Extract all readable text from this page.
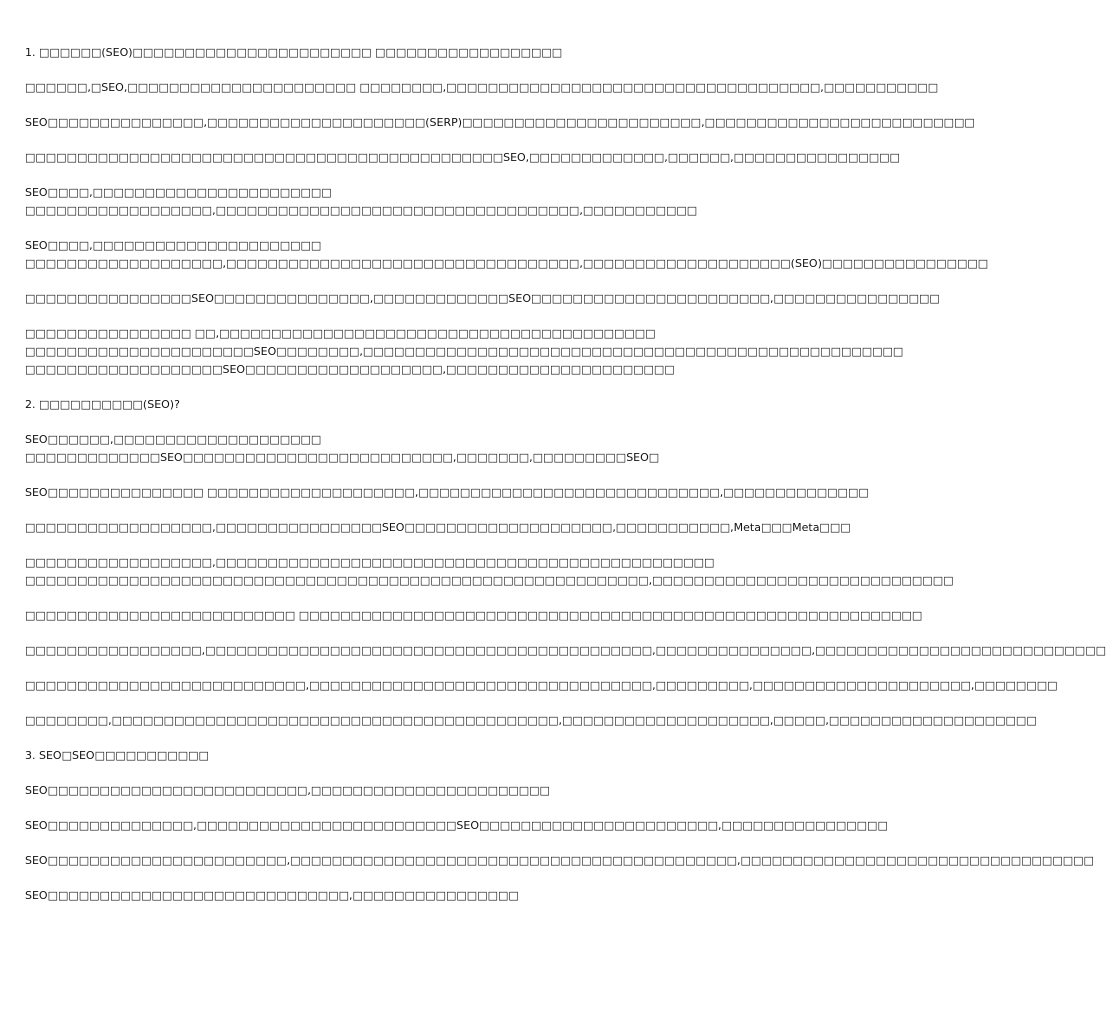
1. □□□□□□(SEO)□□□□□□□□□□□□□□□□□□□□□□□ □□□□□□□□□□□□□□□□□□
□□□□□□,□SEO,□□□□□□□□□□□□□□□□□□□□□□ □□□□□□□□,□□□□□□□□□□□□□□□□□□□□□□□□□□□□□□□□□□□□,□□□□□□□□□□□
SEO□□□□□□□□□□□□□□□,□□□□□□□□□□□□□□□□□□□□□(SERP)□□□□□□□□□□□□□□□□□□□□□□□,□□□□□□□□□□□□□□□□□□□□□□□□□□
□□□□□□□□□□□□□□□□□□□□□□□□□□□□□□□□□□□□□□□□□□□□□□SEO,□□□□□□□□□□□□□,□□□□□□,□□□□□□□□□□□□□□□□
SEO□□□□,□□□□□□□□□□□□□□□□□□□□□□□
□□□□□□□□□□□□□□□□□□,□□□□□□□□□□□□□□□□□□□□□□□□□□□□□□□□□□□,□□□□□□□□□□□
SEO□□□□,□□□□□□□□□□□□□□□□□□□□□□
□□□□□□□□□□□□□□□□□□□,□□□□□□□□□□□□□□□□□□□□□□□□□□□□□□□□□□,□□□□□□□□□□□□□□□□□□□□(SEO)□□□□□□□□□□□□□□□□
□□□□□□□□□□□□□□□□SEO□□□□□□□□□□□□□□□,□□□□□□□□□□□□□SEO□□□□□□□□□□□□□□□□□□□□□□□,□□□□□□□□□□□□□□□□
□□□□□□□□□□□□□□□□ □□,□□□□□□□□□□□□□□□□□□□□□□□□□□□□□□□□□□□□□□□□□□
□□□□□□□□□□□□□□□□□□□□□□SEO□□□□□□□□,□□□□□□□□□□□□□□□□□□□□□□□□□□□□□□□□□□□□□□□□□□□□□□□□□□□□
□□□□□□□□□□□□□□□□□□□SEO□□□□□□□□□□□□□□□□□□□,□□□□□□□□□□□□□□□□□□□□□□
2. □□□□□□□□□□(SEO)?
SEO□□□□□□,□□□□□□□□□□□□□□□□□□□□
□□□□□□□□□□□□□SEO□□□□□□□□□□□□□□□□□□□□□□□□□□,□□□□□□□,□□□□□□□□□SEO□
SEO□□□□□□□□□□□□□□□ □□□□□□□□□□□□□□□□□□□□,□□□□□□□□□□□□□□□□□□□□□□□□□□□□□,□□□□□□□□□□□□□□
□□□□□□□□□□□□□□□□□□,□□□□□□□□□□□□□□□□SEO□□□□□□□□□□□□□□□□□□□□,□□□□□□□□□□□,Meta□□□Meta□□□
□□□□□□□□□□□□□□□□□□,□□□□□□□□□□□□□□□□□□□□□□□□□□□□□□□□□□□□□□□□□□□□□□□□
□□□□□□□□□□□□□□□□□□□□□□□□□□□□□□□□□□□□□□□□□□□□□□□□□□□□□□□□□□□□,□□□□□□□□□□□□□□□□□□□□□□□□□□□□□
□□□□□□□□□□□□□□□□□□□□□□□□□□ □□□□□□□□□□□□□□□□□□□□□□□□□□□□□□□□□□□□□□□□□□□□□□□□□□□□□□□□□□□□
□□□□□□□□□□□□□□□□□,□□□□□□□□□□□□□□□□□□□□□□□□□□□□□□□□□□□□□□□□□□□,□□□□□□□□□□□□□□□,□□□□□□□□□□□□□□□□□□□□□□□□□□□□
□□□□□□□□□□□□□□□□□□□□□□□□□□□,□□□□□□□□□□□□□□□□□□□□□□□□□□□□□□□□□,□□□□□□□□□,□□□□□□□□□□□□□□□□□□□□□,□□□□□□□□
□□□□□□□□,□□□□□□□□□□□□□□□□□□□□□□□□□□□□□□□□□□□□□□□□□□□,□□□□□□□□□□□□□□□□□□□□,□□□□□,□□□□□□□□□□□□□□□□□□□□
3. SEO□SEO□□□□□□□□□□□
SEO□□□□□□□□□□□□□□□□□□□□□□□□□,□□□□□□□□□□□□□□□□□□□□□□□
SEO□□□□□□□□□□□□□□,□□□□□□□□□□□□□□□□□□□□□□□□□SEO□□□□□□□□□□□□□□□□□□□□□□□,□□□□□□□□□□□□□□□□
SEO□□□□□□□□□□□□□□□□□□□□□□□,□□□□□□□□□□□□□□□□□□□□□□□□□□□□□□□□□□□□□□□□□□□,□□□□□□□□□□□□□□□□□□□□□□□□□□□□□□□□□□
SEO□□□□□□□□□□□□□□□□□□□□□□□□□□□□□,□□□□□□□□□□□□□□□□
